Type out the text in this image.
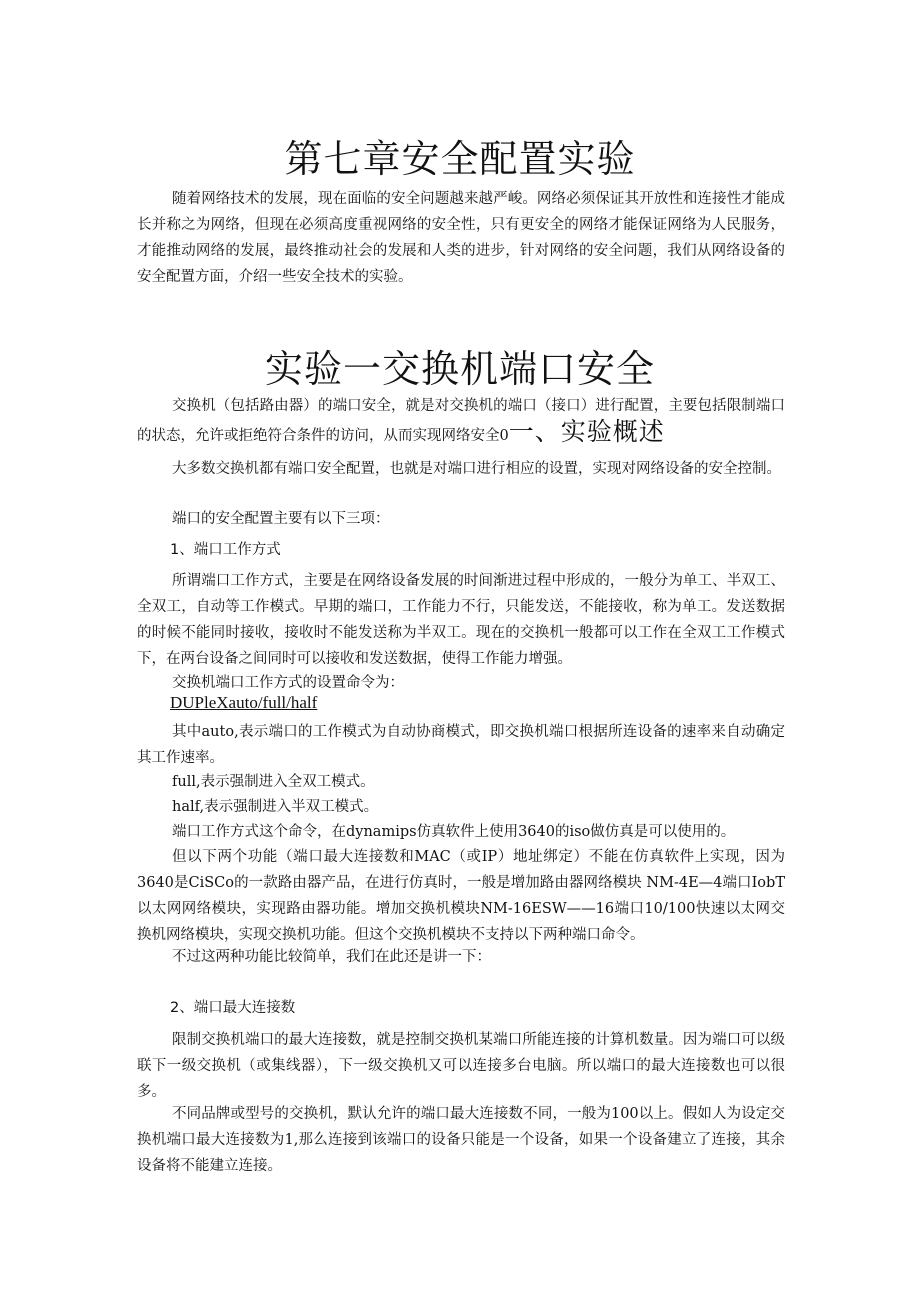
第七章安全配置实验

随着网络技术的发展，现在面临的安全问题越来越严峻。网络必须保证其开放性和连接性才能成长并称之为网络，但现在必须高度重视网络的安全性，只有更安全的网络才能保证网络为人民服务，才能推动网络的发展，最终推动社会的发展和人类的进步，针对网络的安全问题，我们从网络设备的安全配置方面，介绍一些安全技术的实验。

实验一交换机端口安全

交换机（包括路由器）的端口安全，就是对交换机的端口（接口）进行配置，主要包括限制端口的状态，允许或拒绝符合条件的访问，从而实现网络安全0一、实验概述

大多数交换机都有端口安全配置，也就是对端口进行相应的设置，实现对网络设备的安全控制。

端口的安全配置主要有以下三项：

1、端口工作方式

所谓端口工作方式，主要是在网络设备发展的时间渐进过程中形成的，一般分为单工、半双工、全双工，自动等工作模式。早期的端口，工作能力不行，只能发送，不能接收，称为单工。发送数据的时候不能同时接收，接收时不能发送称为半双工。现在的交换机一般都可以工作在全双工工作模式下，在两台设备之间同时可以接收和发送数据，使得工作能力增强。

交换机端口工作方式的设置命令为：

DUPleXauto/full/half

其中auto,表示端口的工作模式为自动协商模式，即交换机端口根据所连设备的速率来自动确定其工作速率。

full,表示强制进入全双工模式。

half,表示强制进入半双工模式。

端口工作方式这个命令，在dynamips仿真软件上使用3640的iso做仿真是可以使用的。

但以下两个功能（端口最大连接数和MAC（或IP）地址绑定）不能在仿真软件上实现，因为3640是CiSCo的一款路由器产品，在进行仿真时，一般是增加路由器网络模块 NM-4E—4端口IobT以太网网络模块，实现路由器功能。增加交换机模块NM-16ESW——16端口10/100快速以太网交换机网络模块，实现交换机功能。但这个交换机模块不支持以下两种端口命令。

不过这两种功能比较简单，我们在此还是讲一下：

2、端口最大连接数

限制交换机端口的最大连接数，就是控制交换机某端口所能连接的计算机数量。因为端口可以级联下一级交换机（或集线器），下一级交换机又可以连接多台电脑。所以端口的最大连接数也可以很多。

不同品牌或型号的交换机，默认允许的端口最大连接数不同，一般为100以上。假如人为设定交换机端口最大连接数为1,那么连接到该端口的设备只能是一个设备，如果一个设备建立了连接，其余设备将不能建立连接。
